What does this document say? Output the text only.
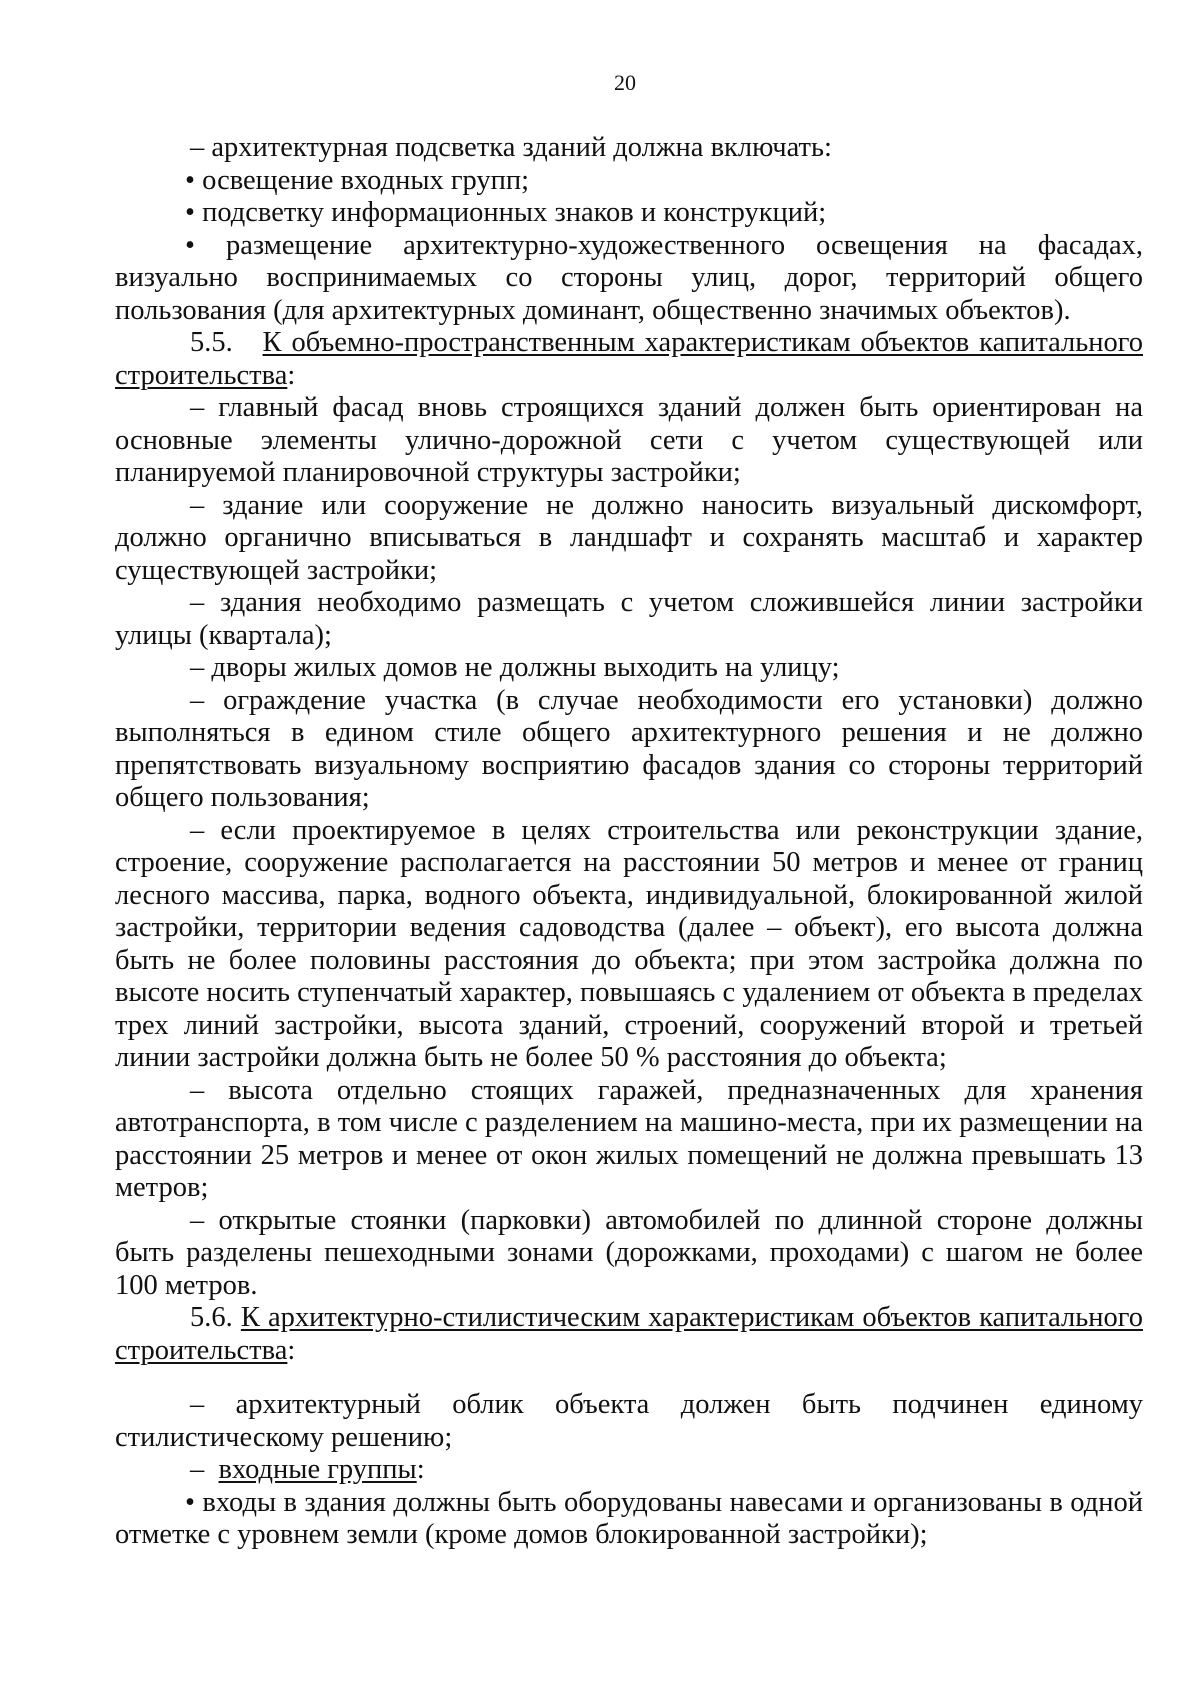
20

– архитектурная подсветка зданий должна включать:

• освещение входных групп;

• подсветку информационных знаков и конструкций;

• размещение архитектурно-художественного освещения на фасадах, визуально воспринимаемых со стороны улиц, дорог, территорий общего пользования (для архитектурных доминант, общественно значимых объектов).

5.5. К объемно-пространственным характеристикам объектов капитального строительства:

– главный фасад вновь строящихся зданий должен быть ориентирован на основные элементы улично-дорожной сети с учетом существующей или планируемой планировочной структуры застройки;

– здание или сооружение не должно наносить визуальный дискомфорт, должно органично вписываться в ландшафт и сохранять масштаб и характер существующей застройки;

– здания необходимо размещать с учетом сложившейся линии застройки улицы (квартала);

– дворы жилых домов не должны выходить на улицу;

– ограждение участка (в случае необходимости его установки) должно выполняться в едином стиле общего архитектурного решения и не должно препятствовать визуальному восприятию фасадов здания со стороны территорий общего пользования;

– если проектируемое в целях строительства или реконструкции здание, строение, сооружение располагается на расстоянии 50 метров и менее от границ лесного массива, парка, водного объекта, индивидуальной, блокированной жилой застройки, территории ведения садоводства (далее – объект), его высота должна быть не более половины расстояния до объекта; при этом застройка должна по высоте носить ступенчатый характер, повышаясь с удалением от объекта в пределах трех линий застройки, высота зданий, строений, сооружений второй и третьей линии застройки должна быть не более 50 % расстояния до объекта;

– высота отдельно стоящих гаражей, предназначенных для хранения автотранспорта, в том числе с разделением на машино-места, при их размещении на расстоянии 25 метров и менее от окон жилых помещений не должна превышать 13 метров;

– открытые стоянки (парковки) автомобилей по длинной стороне должны быть разделены пешеходными зонами (дорожками, проходами) с шагом не более 100 метров.

5.6. К архитектурно-стилистическим характеристикам объектов капитального строительства:

– архитектурный облик объекта должен быть подчинен единому стилистическому решению;

– входные группы:

• входы в здания должны быть оборудованы навесами и организованы в одной отметке с уровнем земли (кроме домов блокированной застройки);
